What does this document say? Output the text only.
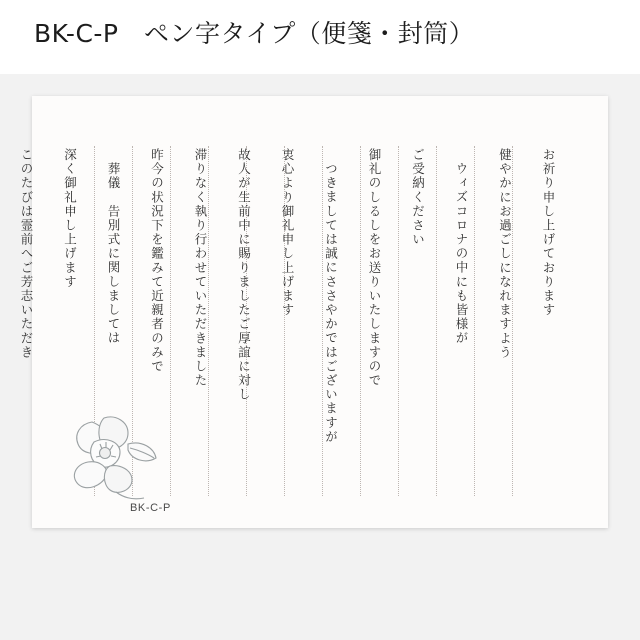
BK-C-P　ペン字タイプ（便箋・封筒）
このたびは霊前へご芳志いただき	深く御礼申し上げます	葬儀　告別式に関しましては	昨今の状況下を鑑みて近親者のみで	滞りなく執り行わせていただきました	故人が生前中に賜りましたご厚誼に対し	衷心より御礼申し上げます	つきましては誠にささやかではございますが	御礼のしるしをお送りいたしますので	ご受納ください	ウィズコロナの中にも皆様が	健やかにお過ごしになれますよう	お祈り申し上げております
BK-C-P
